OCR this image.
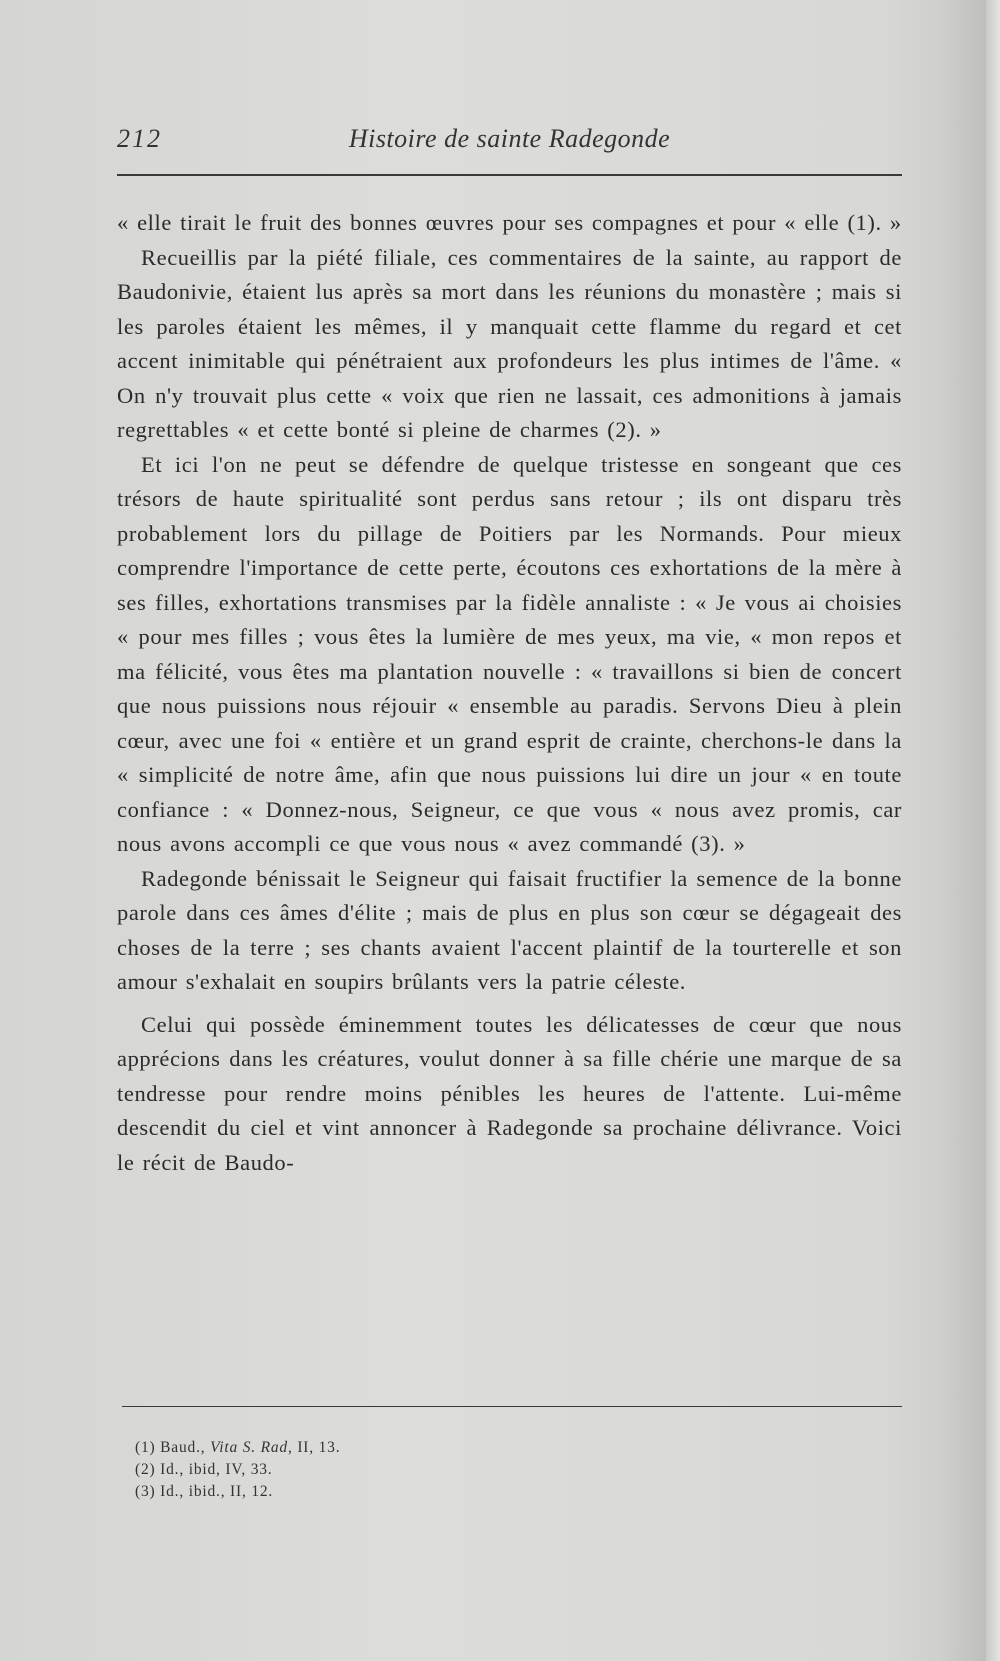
212	Histoire de sainte Radegonde

« elle tirait le fruit des bonnes œuvres pour ses compagnes et pour « elle (1). »

Recueillis par la piété filiale, ces commentaires de la sainte, au rapport de Baudonivie, étaient lus après sa mort dans les réunions du monastère ; mais si les paroles étaient les mêmes, il y manquait cette flamme du regard et cet accent inimitable qui pénétraient aux profondeurs les plus intimes de l'âme. « On n'y trouvait plus cette « voix que rien ne lassait, ces admonitions à jamais regrettables « et cette bonté si pleine de charmes (2). »

Et ici l'on ne peut se défendre de quelque tristesse en songeant que ces trésors de haute spiritualité sont perdus sans retour ; ils ont disparu très probablement lors du pillage de Poitiers par les Normands. Pour mieux comprendre l'importance de cette perte, écoutons ces exhortations de la mère à ses filles, exhortations transmises par la fidèle annaliste : « Je vous ai choisies « pour mes filles ; vous êtes la lumière de mes yeux, ma vie, « mon repos et ma félicité, vous êtes ma plantation nouvelle : « travaillons si bien de concert que nous puissions nous réjouir « ensemble au paradis. Servons Dieu à plein cœur, avec une foi « entière et un grand esprit de crainte, cherchons-le dans la « simplicité de notre âme, afin que nous puissions lui dire un jour « en toute confiance : « Donnez-nous, Seigneur, ce que vous « nous avez promis, car nous avons accompli ce que vous nous « avez commandé (3). »

Radegonde bénissait le Seigneur qui faisait fructifier la semence de la bonne parole dans ces âmes d'élite ; mais de plus en plus son cœur se dégageait des choses de la terre ; ses chants avaient l'accent plaintif de la tourterelle et son amour s'exhalait en soupirs brûlants vers la patrie céleste.

Celui qui possède éminemment toutes les délicatesses de cœur que nous apprécions dans les créatures, voulut donner à sa fille chérie une marque de sa tendresse pour rendre moins pénibles les heures de l'attente. Lui-même descendit du ciel et vint annoncer à Radegonde sa prochaine délivrance. Voici le récit de Baudo-

(1) Baud., Vita S. Rad, II, 13.
(2) Id., ibid, IV, 33.
(3) Id., ibid., II, 12.
